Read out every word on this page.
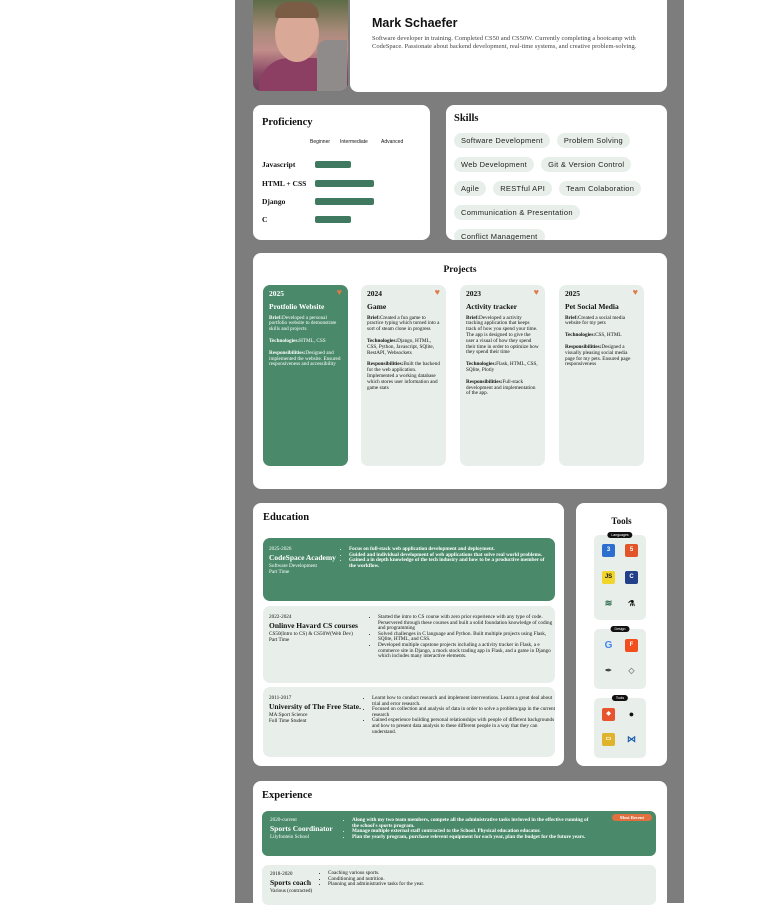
Mark Schaefer
Software developer in training. Completed CS50 and CS50W. Currently completing a bootcamp with CodeSpace. Passionate about backend development, real-time systems, and creative problem-solving.
Proficiency
Beginner Intermediate	Advanced
Javascript
HTML + CSS
Django
C
Skills
Software Development	Problem Solving
Web Development	Git & Version Control
Agile	RESTful API	Team Colaboration
Communication & Presentation
Conflict Management
Projects
♥
2025
Protfolio Website
Brief:Developed a personal portfolio website to demonstrate skills and projects
Technologies:HTML, CSS
Responsibilities:Designed and implemented the website. Ensured responsiveness and accessibility
♥
2024
Game
Brief:Created a fun game to practice typing which turned into a sort of steam clone in progress
Technologies:Django, HTML, CSS, Python, Javascript, SQlite, RestAPI, Websockets
Responsibilities:Built the backend for the web application. Implemented a working database which stores user information and game stats
♥
2023
Activity tracker
Brief:Developed a activity tracking application that keeps track of how you spend your time. The app is designed to give the user a visual of how they spend their time in order to optimize how they spend their time
Technologies:Flask, HTML, CSS, SQlite, Plotly
Responsibilities:Full-stack development and implementation of the app.
♥
2025
Pet Social Media
Brief:Created a social media website for my pets
Technologies:CSS, HTML
Responsibilities:Designed a visually pleasing social media page for my pets. Ensured page responsiveness
Education
2025-2026
CodeSpace Academy
Software Development
Part Time
• Focus on full-stack web application development and deployment.
• Guided and individual development of web applications that solve real world problems.
• Gained a in depth knowledge of the tech industry and how to be a productive member of the workflow.
2022-2024
Onlinve Havard CS courses
CS50(Intro to CS) & CS50W(Web Dev)
Part Time
• Started the intro to CS course with zero prior experience with any type of code. Perservered through these courses and built a solid foundation knowledge of coding and programming
• Solved challenges in C language and Python. Built multiple projects using Flask, SQlite, HTML, and CSS.
• Developed multiple capstone projects including a activity tracker in Flask, a e commerce site in Django, a mock stock trading app in Flask, and a game in Django which includes many interactive elements.
2011-2017
University of The Free State.
MA:Sport Science
Full Time Student
• Learnt how to conduct research and implement interventions. Learnt a great deal about trial and error research.
• Focused on collection and analysis of data in order to solve a problem/gap in the current research
• Gained experience building personal relationships with people of different backgrounds and how to present data analysis to these different people in a way that they can understand.
Tools
Languages
3	5
JS	C
≋	⚗
Design
G	F
✒	◇
Tools
◆	●
▭	⋈
Experience
Most Recent
2020-current
Sports Coordinator
Lilyfontein School
• Along with my two team members, compete all the administrative tasks invloved in the effective running of the school's sports program.
• Manage multiple external staff contracted to the School. Physical education educator.
• Plan the yearly program, purchase relevent equipment for each year, plan the budget for the future years.
2018-2020
Sports coach
Various (contracted)
• Coaching various sports.
• Conditioning and nutrition.
• Planning and administrative tasks for the year.
